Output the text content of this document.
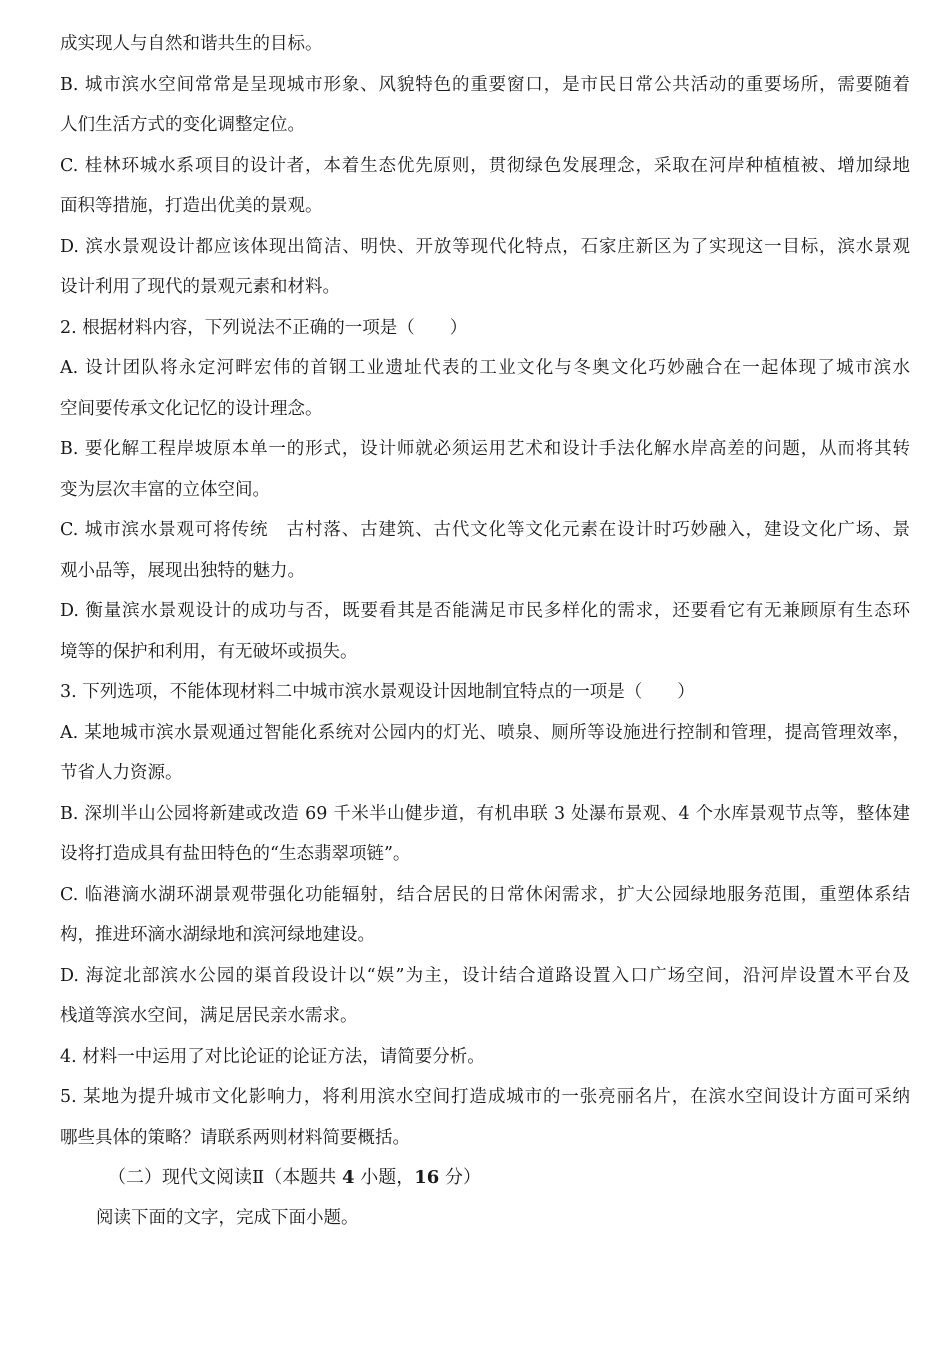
成实现人与自然和谐共生的目标。
B. 城市滨水空间常常是呈现城市形象、风貌特色的重要窗口，是市民日常公共活动的重要场所，需要随着
人们生活方式的变化调整定位。
C. 桂林环城水系项目的设计者，本着生态优先原则，贯彻绿色发展理念，采取在河岸种植植被、增加绿地
面积等措施，打造出优美的景观。
D. 滨水景观设计都应该体现出简洁、明快、开放等现代化特点，石家庄新区为了实现这一目标，滨水景观
设计利用了现代的景观元素和材料。
2. 根据材料内容，下列说法不正确的一项是（　　）
A. 设计团队将永定河畔宏伟的首钢工业遗址代表的工业文化与冬奥文化巧妙融合在一起体现了城市滨水
空间要传承文化记忆的设计理念。
B. 要化解工程岸坡原本单一的形式，设计师就必须运用艺术和设计手法化解水岸高差的问题，从而将其转
变为层次丰富的立体空间。
C. 城市滨水景观可将传统　古村落、古建筑、古代文化等文化元素在设计时巧妙融入，建设文化广场、景
观小品等，展现出独特的魅力。
D. 衡量滨水景观设计的成功与否，既要看其是否能满足市民多样化的需求，还要看它有无兼顾原有生态环
境等的保护和利用，有无破坏或损失。
3. 下列选项，不能体现材料二中城市滨水景观设计因地制宜特点的一项是（　　）
A. 某地城市滨水景观通过智能化系统对公园内的灯光、喷泉、厕所等设施进行控制和管理，提高管理效率，
节省人力资源。
B. 深圳半山公园将新建或改造 69 千米半山健步道，有机串联 3 处瀑布景观、4 个水库景观节点等，整体建
设将打造成具有盐田特色的“生态翡翠项链”。
C. 临港滴水湖环湖景观带强化功能辐射，结合居民的日常休闲需求，扩大公园绿地服务范围，重塑体系结
构，推进环滴水湖绿地和滨河绿地建设。
D. 海淀北部滨水公园的渠首段设计以“娱”为主，设计结合道路设置入口广场空间，沿河岸设置木平台及
栈道等滨水空间，满足居民亲水需求。
4. 材料一中运用了对比论证的论证方法，请简要分析。
5. 某地为提升城市文化影响力，将利用滨水空间打造成城市的一张亮丽名片，在滨水空间设计方面可采纳
哪些具体的策略？请联系两则材料简要概括。
（二）现代文阅读Ⅱ（本题共 4 小题，16 分）
阅读下面的文字，完成下面小题。
